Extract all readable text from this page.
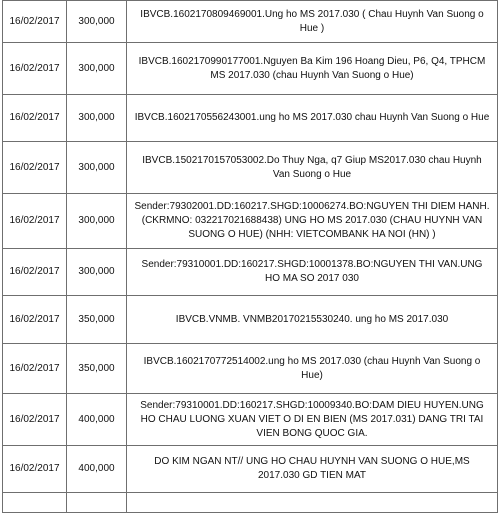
16/02/2017	300,000	IBVCB.1602170809469001.Ung ho MS 2017.030 ( Chau Huynh Van Suong o Hue )
16/02/2017	300,000	IBVCB.1602170990177001.Nguyen Ba Kim 196 Hoang Dieu, P6, Q4, TPHCM MS 2017.030 (chau Huynh Van Suong o Hue)
16/02/2017	300,000	IBVCB.1602170556243001.ung ho MS 2017.030 chau Huynh Van Suong o Hue
16/02/2017	300,000	IBVCB.1502170157053002.Do Thuy Nga, q7 Giup MS2017.030 chau Huynh Van Suong o Hue
16/02/2017	300,000	Sender:79302001.DD:160217.SHGD:10006274.BO:NGUYEN THI DIEM HANH.(CKRMNO: 032217021688438) UNG HO MS 2017.030 (CHAU HUYNH VAN SUONG O HUE) (NHH: VIETCOMBANK HA NOI (HN) )
16/02/2017	300,000	Sender:79310001.DD:160217.SHGD:10001378.BO:NGUYEN THI VAN.UNG HO MA SO 2017 030
16/02/2017	350,000	IBVCB.VNMB. VNMB20170215530240. ung ho MS 2017.030
16/02/2017	350,000	IBVCB.1602170772514002.ung ho MS 2017.030 (chau Huynh Van Suong o Hue)
16/02/2017	400,000	Sender:79310001.DD:160217.SHGD:10009340.BO:DAM DIEU HUYEN.UNG HO CHAU LUONG XUAN VIET O DI EN BIEN (MS 2017.031) DANG TRI TAI VIEN BONG QUOC GIA.
16/02/2017	400,000	DO KIM NGAN NT// UNG HO CHAU HUYNH VAN SUONG O HUE,MS 2017.030 GD TIEN MAT
